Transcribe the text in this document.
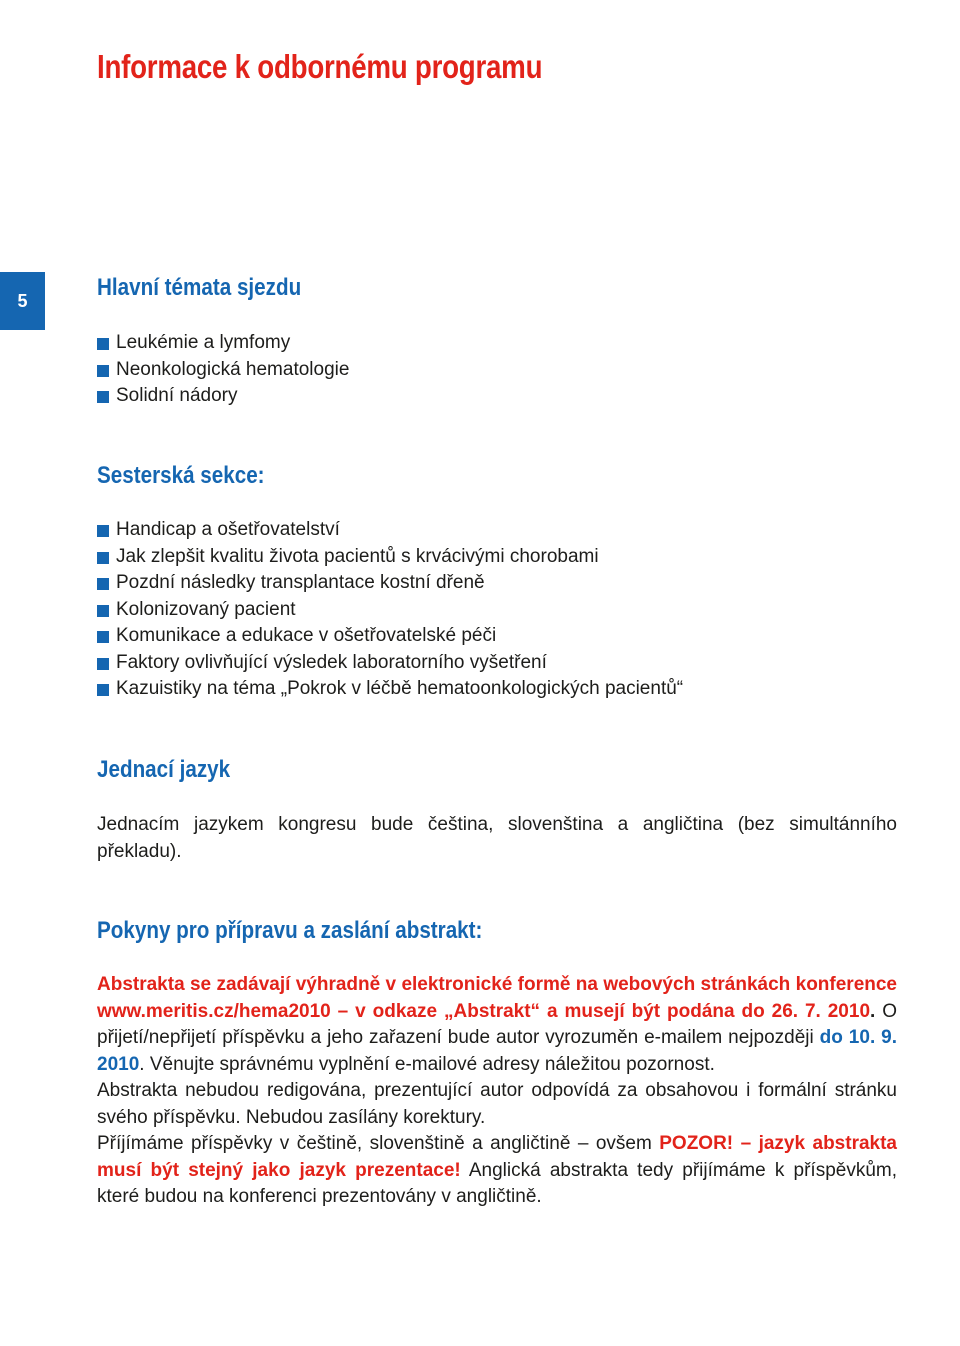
Informace k odbornému programu
5	Hlavní témata sjezdu
Leukémie a lymfomy
Neonkologická hematologie
Solidní nádory
Sesterská sekce:
Handicap a ošetřovatelství
Jak zlepšit kvalitu života pacientů s krvácivými chorobami
Pozdní následky transplantace kostní dřeně
Kolonizovaný pacient
Komunikace a edukace v ošetřovatelské péči
Faktory ovlivňující výsledek laboratorního vyšetření
Kazuistiky na téma „Pokrok v léčbě hematoonkologických pacientů“
Jednací jazyk

Jednacím jazykem kongresu bude čeština, slovenština a angličtina (bez simultánního překladu).

Pokyny pro přípravu a zaslání abstrakt:

Abstrakta se zadávají výhradně v elektronické formě na webových stránkách konference www.meritis.cz/hema2010 – v odkaze „Abstrakt“ a musejí být podána do 26. 7. 2010. O přijetí/nepřijetí příspěvku a jeho zařazení bude autor vyrozuměn e-mailem nejpozději do 10. 9. 2010. Věnujte správnému vyplnění e-mailové adresy náležitou pozornost.

Abstrakta nebudou redigována, prezentující autor odpovídá za obsahovou i formální stránku svého příspěvku. Nebudou zasílány korektury.

Příjímáme příspěvky v češtině, slovenštině a angličtině – ovšem POZOR! – jazyk abstrakta musí být stejný jako jazyk prezentace! Anglická abstrakta tedy přijímáme k příspěvkům, které budou na konferenci prezentovány v angličtině.
